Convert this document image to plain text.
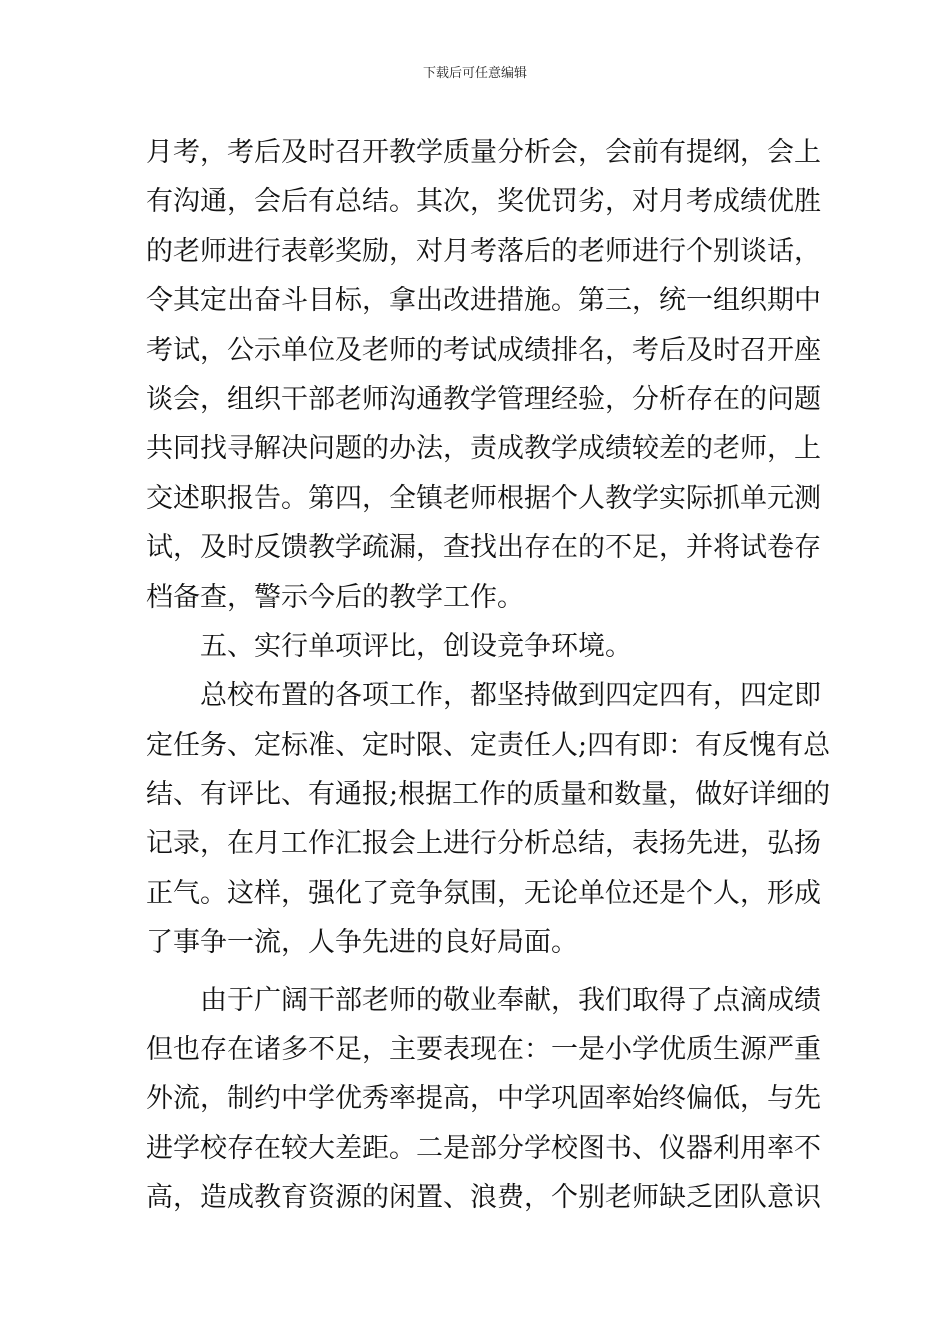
下载后可任意编辑
月考，考后及时召开教学质量分析会，会前有提纲，会上
有沟通，会后有总结。其次，奖优罚劣，对月考成绩优胜
的老师进行表彰奖励，对月考落后的老师进行个别谈话，
令其定出奋斗目标，拿出改进措施。第三，统一组织期中
考试，公示单位及老师的考试成绩排名，考后及时召开座
谈会，组织干部老师沟通教学管理经验，分析存在的问题
共同找寻解决问题的办法，责成教学成绩较差的老师，上
交述职报告。第四，全镇老师根据个人教学实际抓单元测
试，及时反馈教学疏漏，查找出存在的不足，并将试卷存
档备查，警示今后的教学工作。
五、实行单项评比，创设竞争环境。
总校布置的各项工作，都坚持做到四定四有，四定即
定任务、定标准、定时限、定责任人;四有即：有反愧有总
结、有评比、有通报;根据工作的质量和数量，做好详细的
记录，在月工作汇报会上进行分析总结，表扬先进，弘扬
正气。这样，强化了竞争氛围，无论单位还是个人，形成
了事争一流，人争先进的良好局面。
由于广阔干部老师的敬业奉献，我们取得了点滴成绩
但也存在诸多不足，主要表现在：一是小学优质生源严重
外流，制约中学优秀率提高，中学巩固率始终偏低，与先
进学校存在较大差距。二是部分学校图书、仪器利用率不
高，造成教育资源的闲置、浪费，个别老师缺乏团队意识
